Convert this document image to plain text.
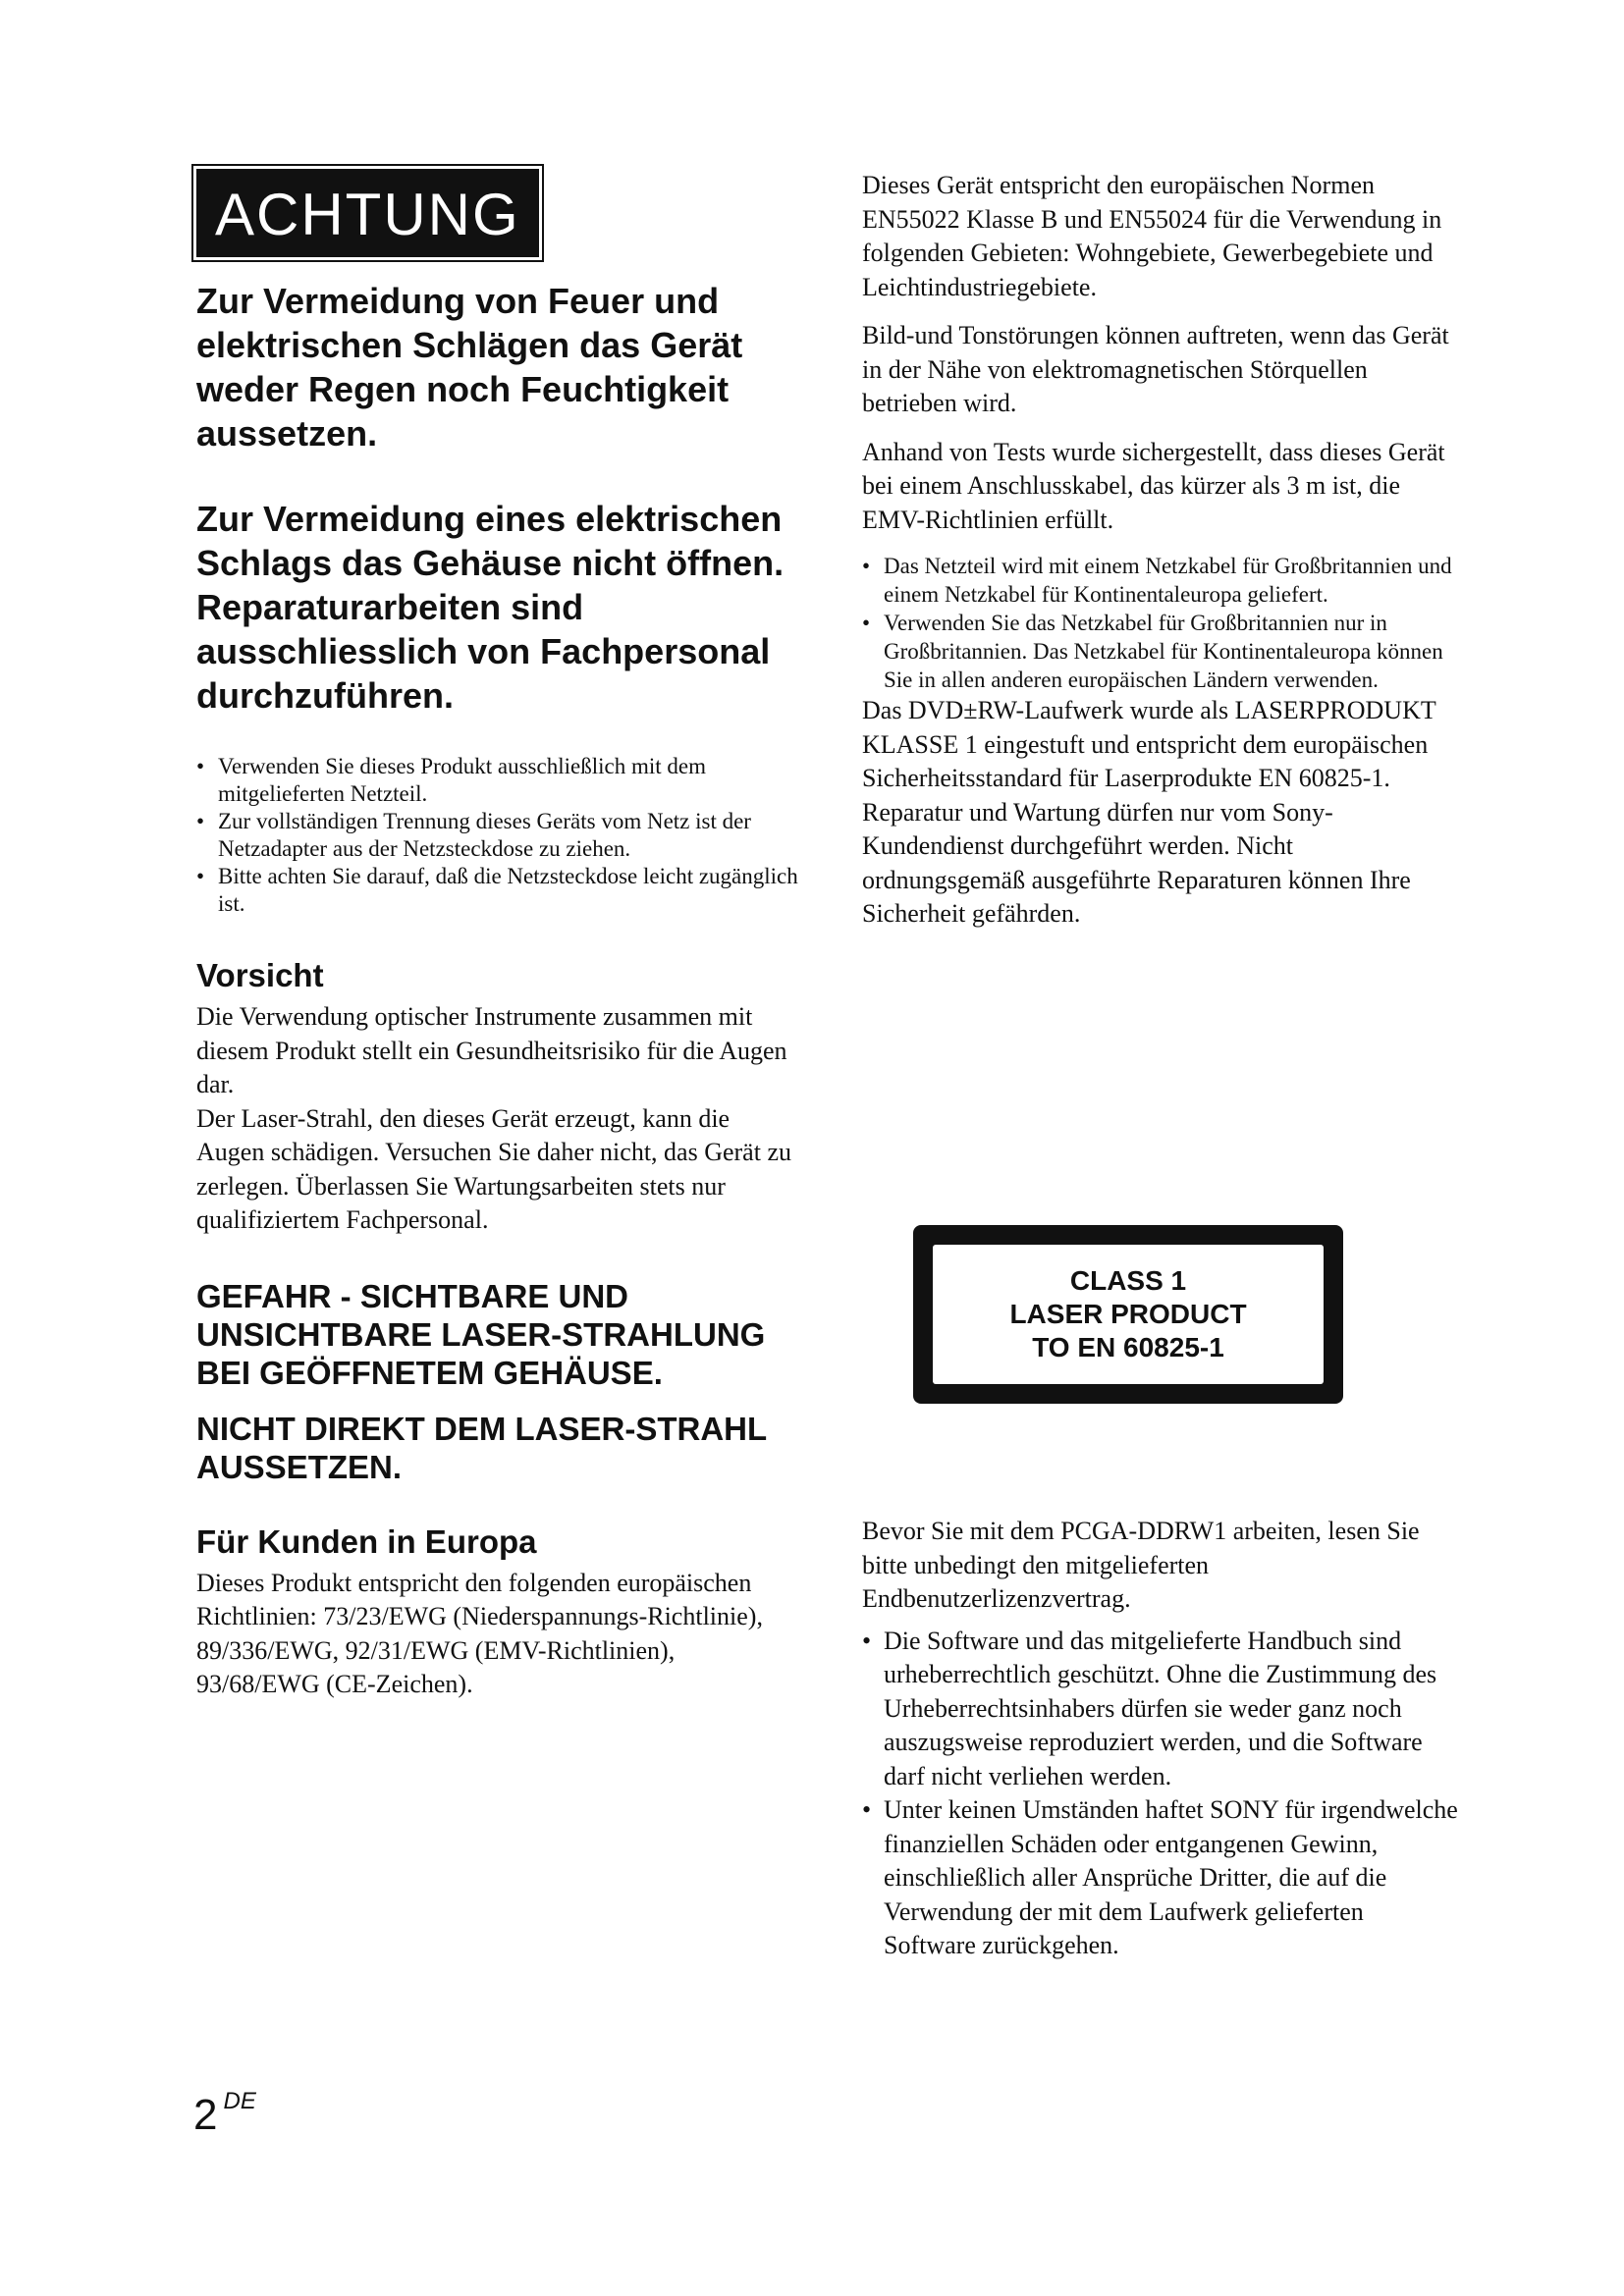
ACHTUNG

Zur Vermeidung von Feuer und elektrischen Schlägen das Gerät weder Regen noch Feuchtigkeit aussetzen.

Zur Vermeidung eines elektrischen Schlags das Gehäuse nicht öffnen. Reparaturarbeiten sind ausschliesslich von Fachpersonal durchzuführen.

• Verwenden Sie dieses Produkt ausschließlich mit dem mitgelieferten Netzteil.
• Zur vollständigen Trennung dieses Geräts vom Netz ist der Netzadapter aus der Netzsteckdose zu ziehen.
• Bitte achten Sie darauf, daß die Netzsteckdose leicht zugänglich ist.
Vorsicht

Die Verwendung optischer Instrumente zusammen mit diesem Produkt stellt ein Gesundheitsrisiko für die Augen dar.

Der Laser-Strahl, den dieses Gerät erzeugt, kann die Augen schädigen. Versuchen Sie daher nicht, das Gerät zu zerlegen. Überlassen Sie Wartungsarbeiten stets nur qualifiziertem Fachpersonal.

GEFAHR - SICHTBARE UND UNSICHTBARE LASER-STRAHLUNG BEI GEÖFFNETEM GEHÄUSE.

NICHT DIREKT DEM LASER-STRAHL AUSSETZEN.

Für Kunden in Europa

Dieses Produkt entspricht den folgenden europäischen Richtlinien: 73/23/EWG (Niederspannungs-Richtlinie), 89/336/EWG, 92/31/EWG (EMV-Richtlinien), 93/68/EWG (CE-Zeichen).

Dieses Gerät entspricht den europäischen Normen EN55022 Klasse B und EN55024 für die Verwendung in folgenden Gebieten: Wohngebiete, Gewerbegebiete und Leichtindustriegebiete.

Bild-und Tonstörungen können auftreten, wenn das Gerät in der Nähe von elektromagnetischen Störquellen betrieben wird.

Anhand von Tests wurde sichergestellt, dass dieses Gerät bei einem Anschlusskabel, das kürzer als 3 m ist, die EMV-Richtlinien erfüllt.

• Das Netzteil wird mit einem Netzkabel für Großbritannien und einem Netzkabel für Kontinentaleuropa geliefert.
• Verwenden Sie das Netzkabel für Großbritannien nur in Großbritannien. Das Netzkabel für Kontinentaleuropa können Sie in allen anderen europäischen Ländern verwenden.

Das DVD±RW-Laufwerk wurde als LASERPRODUKT KLASSE 1 eingestuft und entspricht dem europäischen Sicherheitsstandard für Laserprodukte EN 60825-1.

Reparatur und Wartung dürfen nur vom Sony-Kundendienst durchgeführt werden. Nicht ordnungsgemäß ausgeführte Reparaturen können Ihre Sicherheit gefährden.

CLASS 1
LASER PRODUCT
TO EN 60825-1

Bevor Sie mit dem PCGA-DDRW1 arbeiten, lesen Sie bitte unbedingt den mitgelieferten Endbenutzerlizenzvertrag.

• Die Software und das mitgelieferte Handbuch sind urheberrechtlich geschützt. Ohne die Zustimmung des Urheberrechtsinhabers dürfen sie weder ganz noch auszugsweise reproduziert werden, und die Software darf nicht verliehen werden.
• Unter keinen Umständen haftet SONY für irgendwelche finanziellen Schäden oder entgangenen Gewinn, einschließlich aller Ansprüche Dritter, die auf die Verwendung der mit dem Laufwerk gelieferten Software zurückgehen.
2 DE
